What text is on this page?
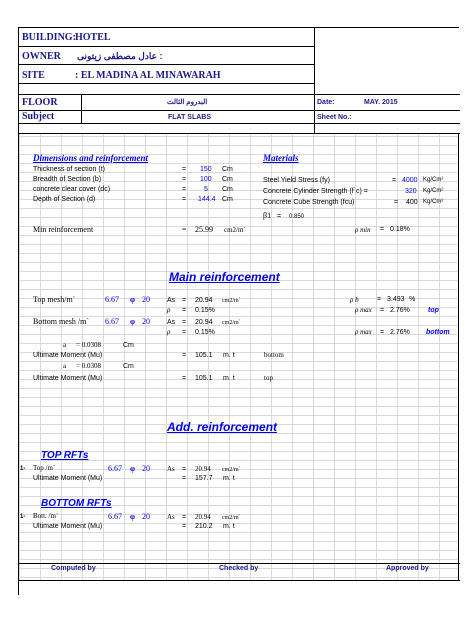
BUILDING: HOTEL
OWNER عادل مصطفى زيتونى :
SITE	: EL MADINA AL MINAWARAH
FLOOR	البدروم الثالث	Date:	MAY. 2015
Subject	FLAT SLABS	Sheet No.:
Dimensions and reinforcement	Materials
Thickness of section (t)	= 150 Cm
Breadth of Section (b)	= 100 Cm
concrete clear cover (dc)	=	5 Cm
Depth of Section (d)	= 144.4 Cm
Steel Yield Stress (fy)	= 4000 Kg/Cm²
Concrete Cylinder Strength (f`c) =	320 Kg/Cm²
Concrete Cube Strength (fcu)	= 400 Kg/Cm²
β1 = 0.850
Min reinforcement	= 25.99 cm2/m`	ρ min = 0.18%
Main reinforcement
Top mesh/m`	6.67 φ 20 As = 20.94 cm2/m`	ρ b	= 3.493 %
ρ = 0.15%	ρ max = 2.76%	top
Bottom mesh /m` 6.67 φ 20 As = 20.94 cm2/m`
ρ = 0.15%	ρ max = 2.76% bottom
a = 0.0308	Cm
Ultimate Moment (Mu)	= 105.1 m. t	bottom
a = 0.0308	Cm
Ultimate Moment (Mu)	= 105.1 m. t	top
Add. reinforcement
TOP RFTs
1- Top /m`	6.67 φ 20 As = 20.94 cm2/m`
Ultimate Moment (Mu)	= 157.7 m. t
BOTTOM RFTs
1- Bott. /m`	6.67 φ 20 As = 20.94 cm2/m`
Ultimate Moment (Mu)	= 210.2 m. t
Computed by	Checked by	Approved by
